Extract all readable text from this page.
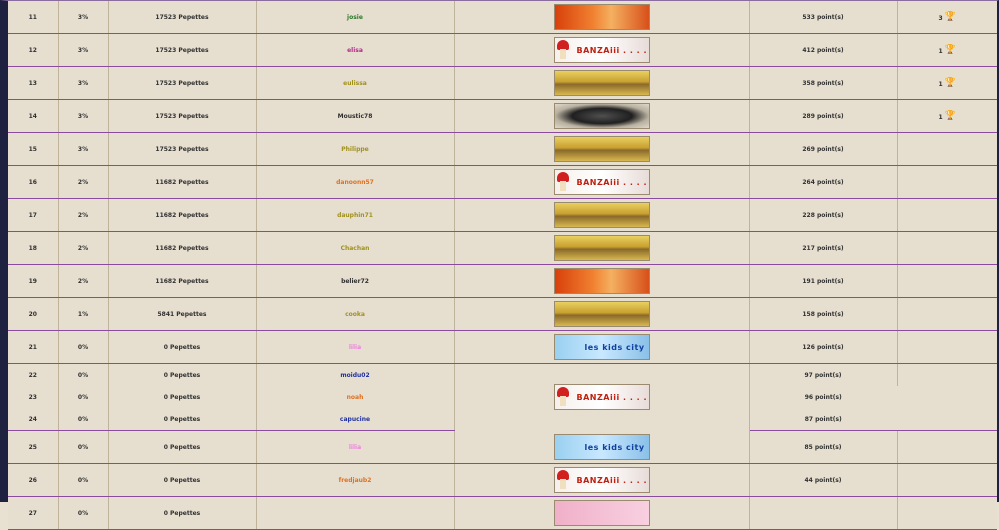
11	3%	17523 Pepettes	josie		533 point(s)	3 🏆
12	3%	17523 Pepettes	elisa	BANZAiii . . . .	412 point(s)	1 🏆
13	3%	17523 Pepettes	eulissa		358 point(s)	1 🏆
14	3%	17523 Pepettes	Moustic78		289 point(s)	1 🏆
15	3%	17523 Pepettes	Philippe		269 point(s)	
16	2%	11682 Pepettes	danoonn57	BANZAiii . . . .	264 point(s)	
17	2%	11682 Pepettes	dauphin71		228 point(s)	
18	2%	11682 Pepettes	Chachan		217 point(s)	
19	2%	11682 Pepettes	belier72		191 point(s)	
20	1%	5841 Pepettes	cooka		158 point(s)	
21	0%	0 Pepettes	lilia	les kids city	126 point(s)	
22	0%	0 Pepettes	moidu02	BANZAiii . . . .	97 point(s)	
23	0%	0 Pepettes	noah		96 point(s)	
24	0%	0 Pepettes	capucine		87 point(s)	
25	0%	0 Pepettes	lilia	les kids city	85 point(s)	
26	0%	0 Pepettes	fredjaub2	BANZAiii . . . .	44 point(s)	
27	0%	0 Pepettes				
